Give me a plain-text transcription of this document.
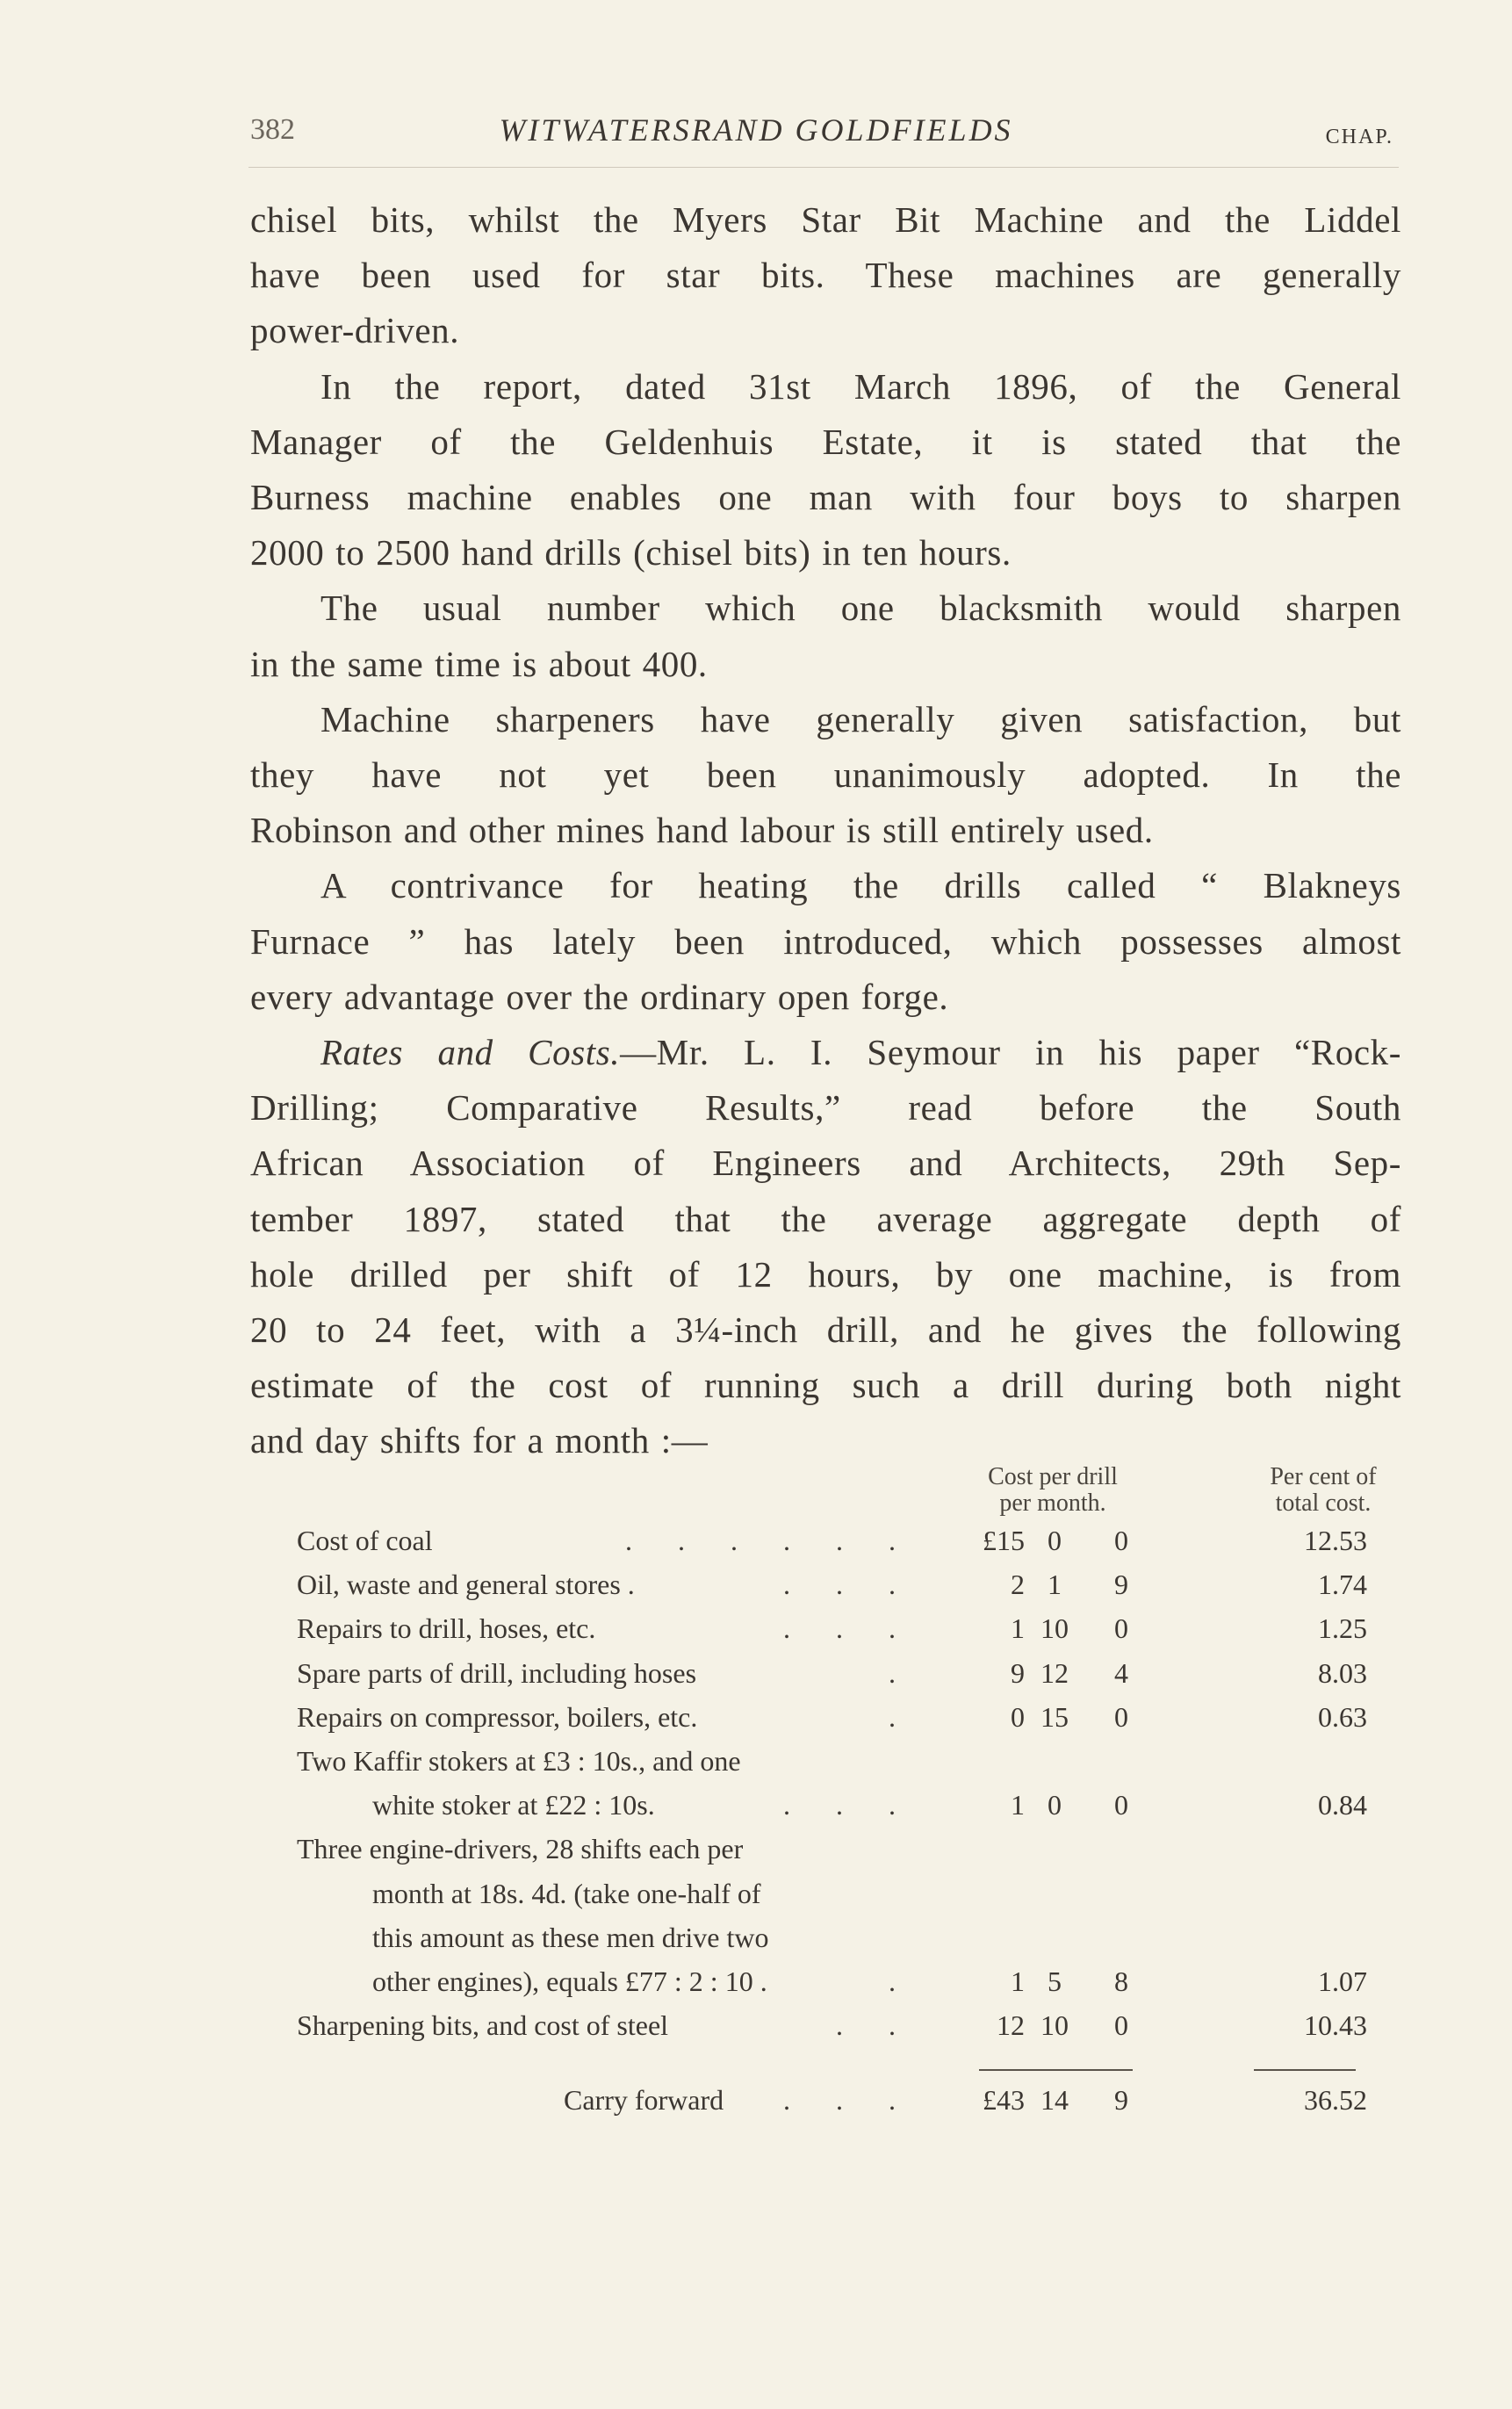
382	WITWATERSRAND GOLDFIELDS	CHAP.
chisel bits, whilst the Myers Star Bit Machine and the Liddel
have been used for star bits. These machines are generally
power-driven.
In the report, dated 31st March 1896, of the General
Manager of the Geldenhuis Estate, it is stated that the
Burness machine enables one man with four boys to sharpen
2000 to 2500 hand drills (chisel bits) in ten hours.
The usual number which one blacksmith would sharpen
in the same time is about 400.
Machine sharpeners have generally given satisfaction, but
they have not yet been unanimously adopted. In the
Robinson and other mines hand labour is still entirely used.
A contrivance for heating the drills called “ Blakneys
Furnace ” has lately been introduced, which possesses almost
every advantage over the ordinary open forge.
Rates and Costs.—Mr. L. I. Seymour in his paper “Rock-
Drilling; Comparative Results,” read before the South
African Association of Engineers and Architects, 29th Sep-
tember 1897, stated that the average aggregate depth of
hole drilled per shift of 12 hours, by one machine, is from
20 to 24 feet, with a 3¼-inch drill, and he gives the following
estimate of the cost of running such a drill during both night
and day shifts for a month :—
Cost per drill
per month.
Per cent of
total cost.
Cost of coal	. . . . . . £15 0	0	12.53
Oil, waste and general stores .	. . .	2 1	9	1.74
Repairs to drill, hoses, etc.	. . .	1 10	0	1.25
Spare parts of drill, including hoses	.	9 12	4	8.03
Repairs on compressor, boilers, etc.	.	0 15	0	0.63
Two Kaffir stokers at £3 : 10s., and one
white stoker at £22 : 10s.	. . .	1 0	0	0.84
Three engine-drivers, 28 shifts each per
month at 18s. 4d. (take one-half of
this amount as these men drive two
other engines), equals £77 : 2 : 10 .	.	1 5	8	1.07
Sharpening bits, and cost of steel	. .	12 10	0	10.43
Carry forward . . . £43 14	9	36.52
